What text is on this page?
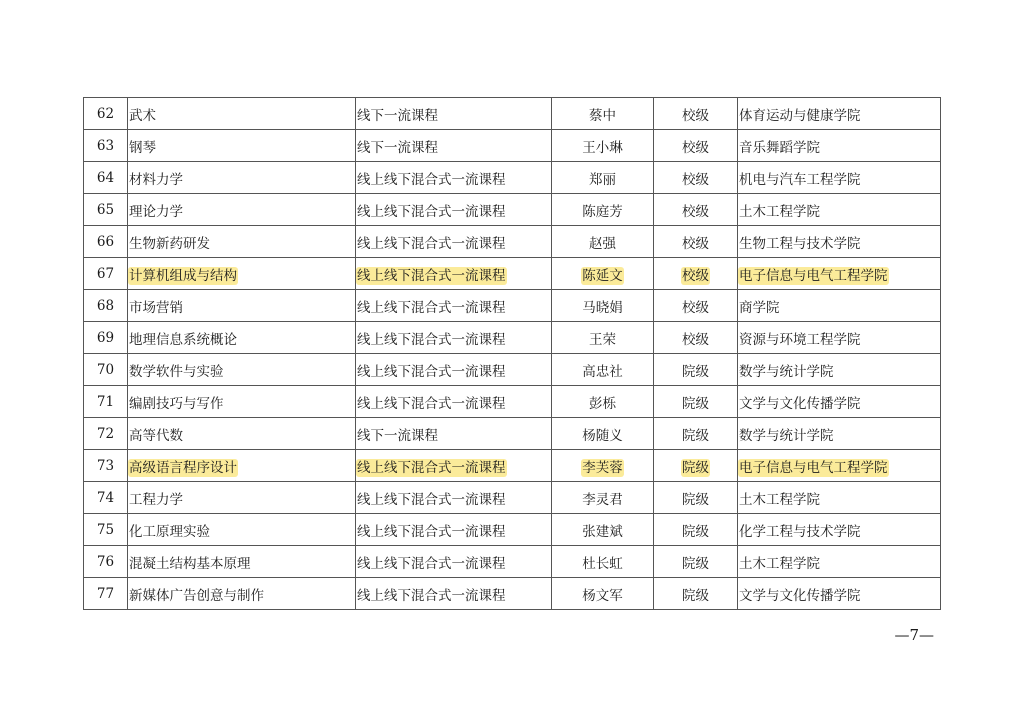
62	武术	线下一流课程	蔡中	校级	体育运动与健康学院
63	钢琴	线下一流课程	王小琳	校级	音乐舞蹈学院
64	材料力学	线上线下混合式一流课程	郑丽	校级	机电与汽车工程学院
65	理论力学	线上线下混合式一流课程	陈庭芳	校级	土木工程学院
66	生物新药研发	线上线下混合式一流课程	赵强	校级	生物工程与技术学院
67	计算机组成与结构	线上线下混合式一流课程	陈延文	校级	电子信息与电气工程学院
68	市场营销	线上线下混合式一流课程	马晓娟	校级	商学院
69	地理信息系统概论	线上线下混合式一流课程	王荣	校级	资源与环境工程学院
70	数学软件与实验	线上线下混合式一流课程	高忠社	院级	数学与统计学院
71	编剧技巧与写作	线上线下混合式一流课程	彭栎	院级	文学与文化传播学院
72	高等代数	线下一流课程	杨随义	院级	数学与统计学院
73	高级语言程序设计	线上线下混合式一流课程	李芙蓉	院级	电子信息与电气工程学院
74	工程力学	线上线下混合式一流课程	李灵君	院级	土木工程学院
75	化工原理实验	线上线下混合式一流课程	张建斌	院级	化学工程与技术学院
76	混凝土结构基本原理	线上线下混合式一流课程	杜长虹	院级	土木工程学院
77	新媒体广告创意与制作	线上线下混合式一流课程	杨文军	院级	文学与文化传播学院
—7—
